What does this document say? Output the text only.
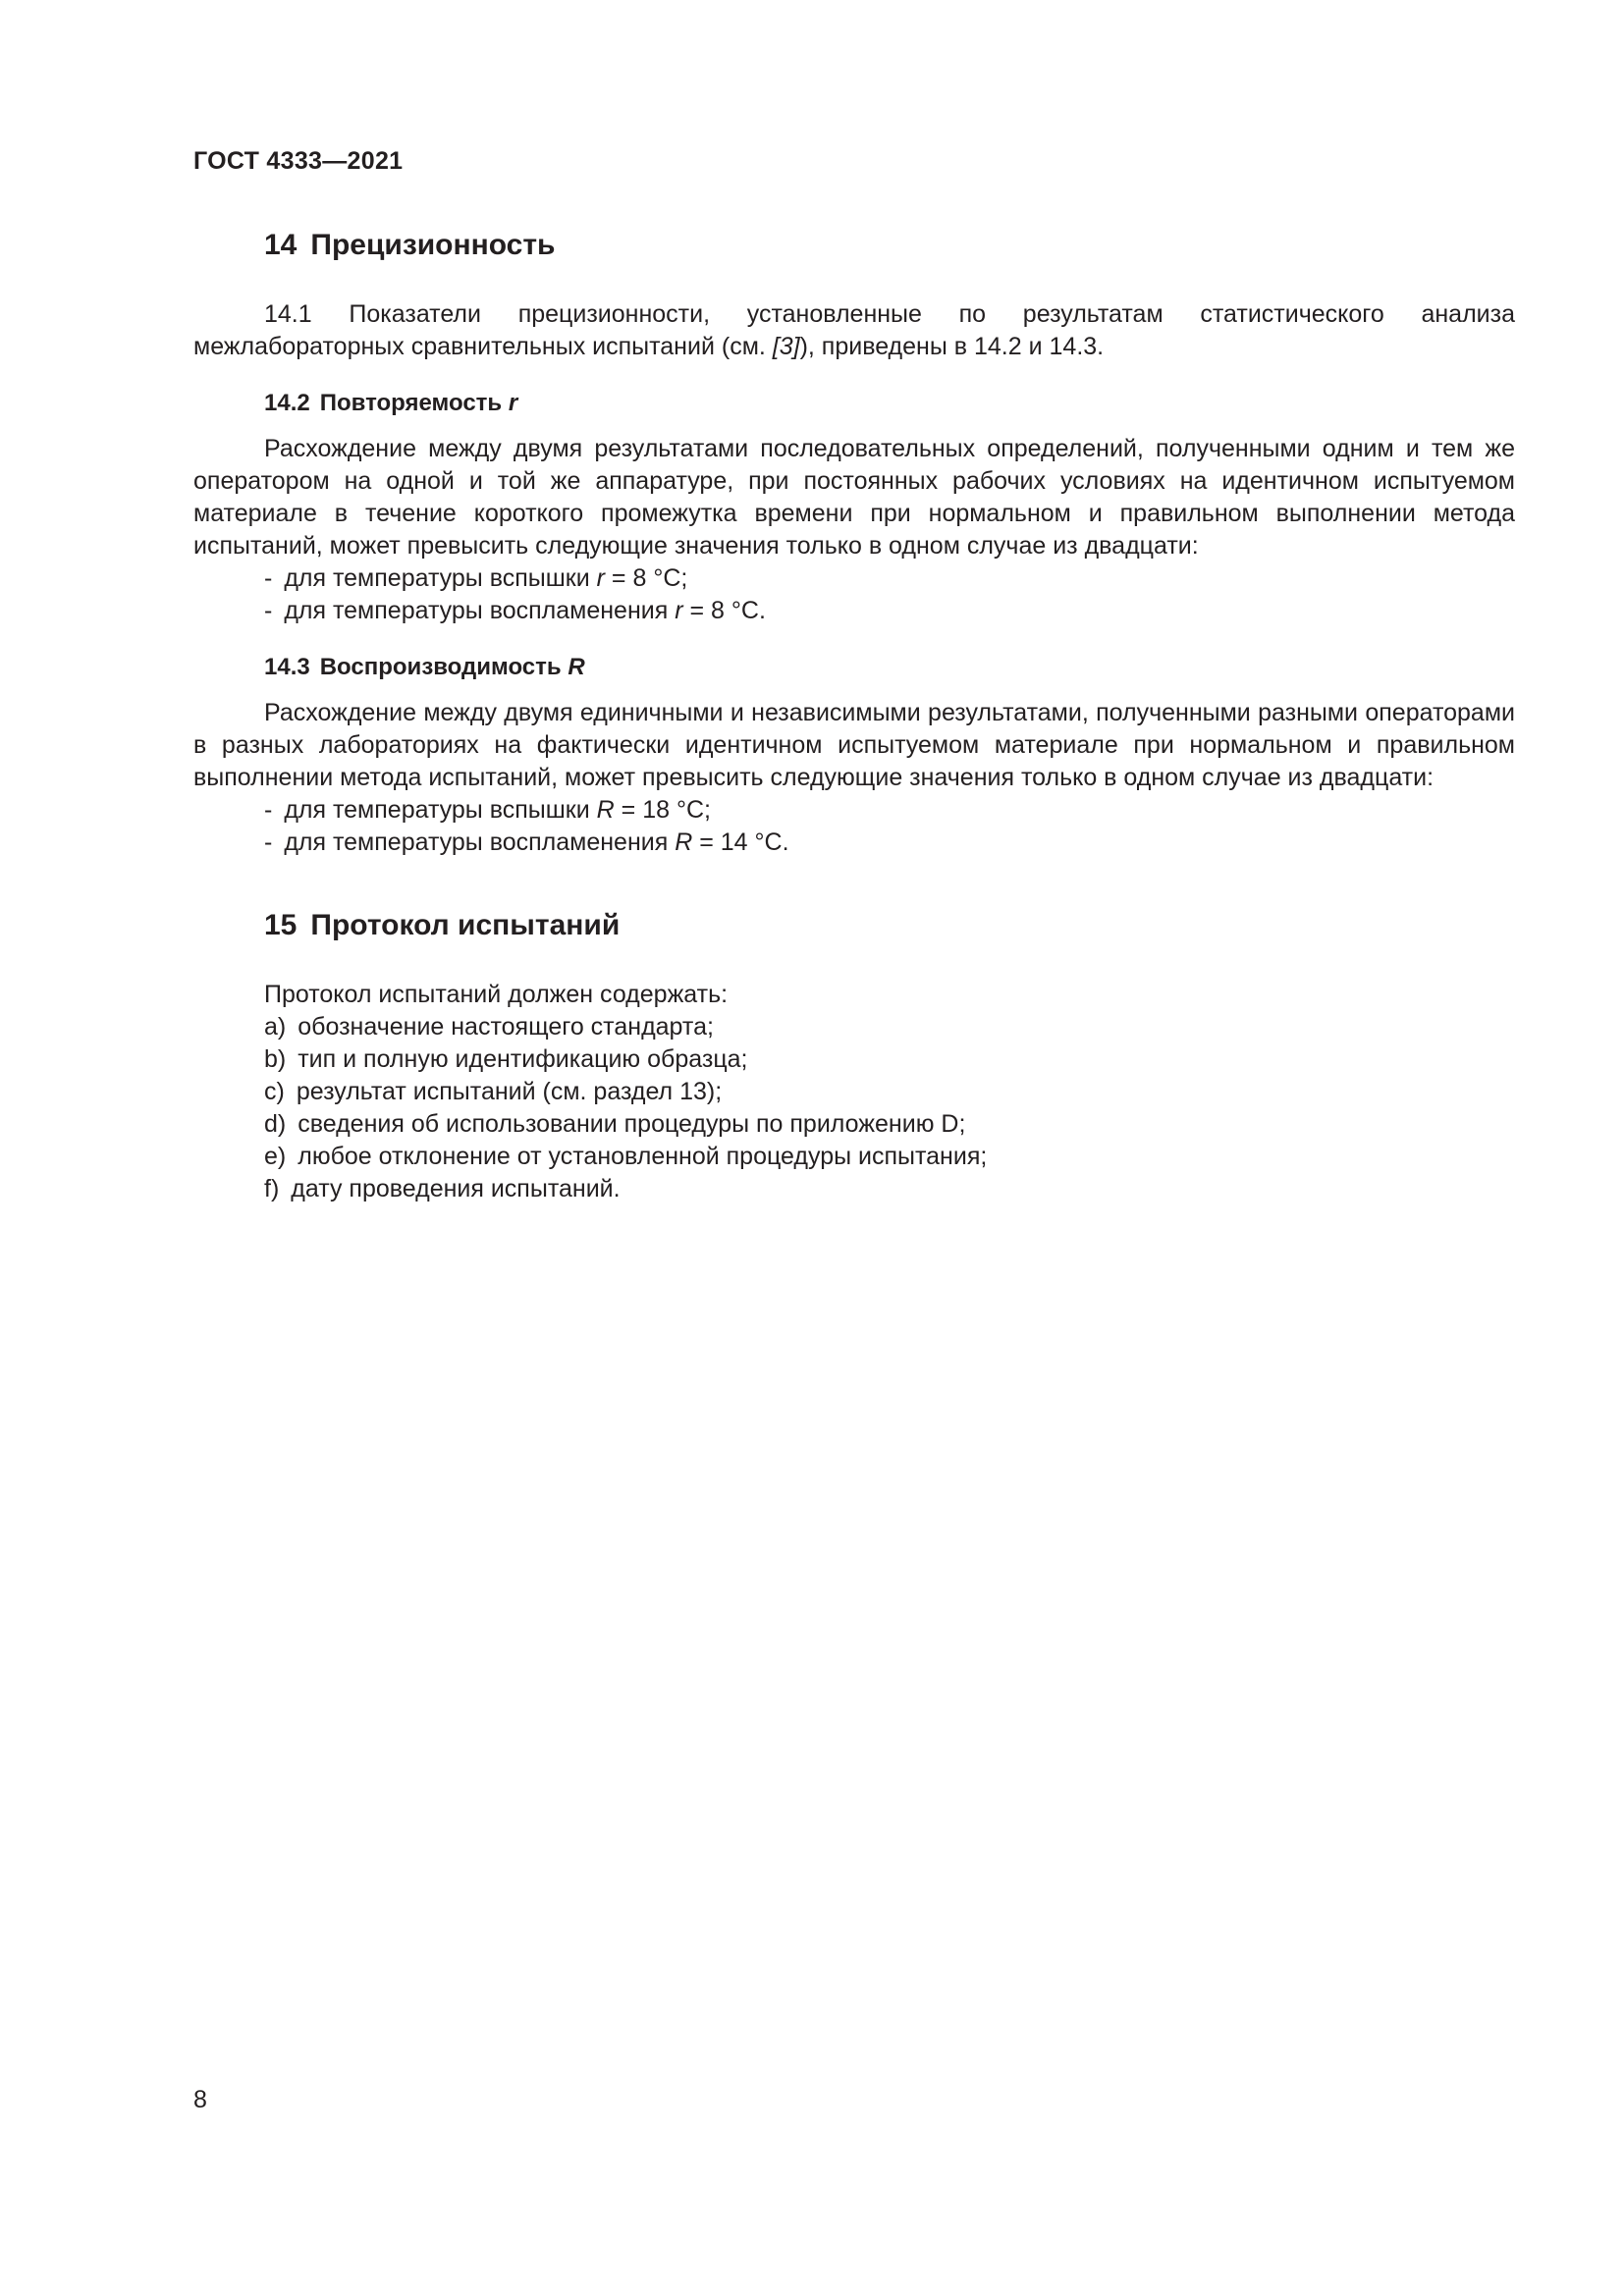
ГОСТ 4333—2021
14 Прецизионность

14.1 Показатели прецизионности, установленные по результатам статистического анализа межлабораторных сравнительных испытаний (см. [3]), приведены в 14.2 и 14.3.

14.2 Повторяемость r

Расхождение между двумя результатами последовательных определений, полученными одним и тем же оператором на одной и той же аппаратуре, при постоянных рабочих условиях на идентичном испытуемом материале в течение короткого промежутка времени при нормальном и правильном выполнении метода испытаний, может превысить следующие значения только в одном случае из двадцати:

- для температуры вспышки r = 8 °C;
- для температуры воспламенения r = 8 °C.
14.3 Воспроизводимость R

Расхождение между двумя единичными и независимыми результатами, полученными разными операторами в разных лабораториях на фактически идентичном испытуемом материале при нормальном и правильном выполнении метода испытаний, может превысить следующие значения только в одном случае из двадцати:

- для температуры вспышки R = 18 °C;
- для температуры воспламенения R = 14 °C.
15 Протокол испытаний
Протокол испытаний должен содержать:
a) обозначение настоящего стандарта;
b) тип и полную идентификацию образца;
c) результат испытаний (см. раздел 13);
d) сведения об использовании процедуры по приложению D;
e) любое отклонение от установленной процедуры испытания;
f) дату проведения испытаний.
8
